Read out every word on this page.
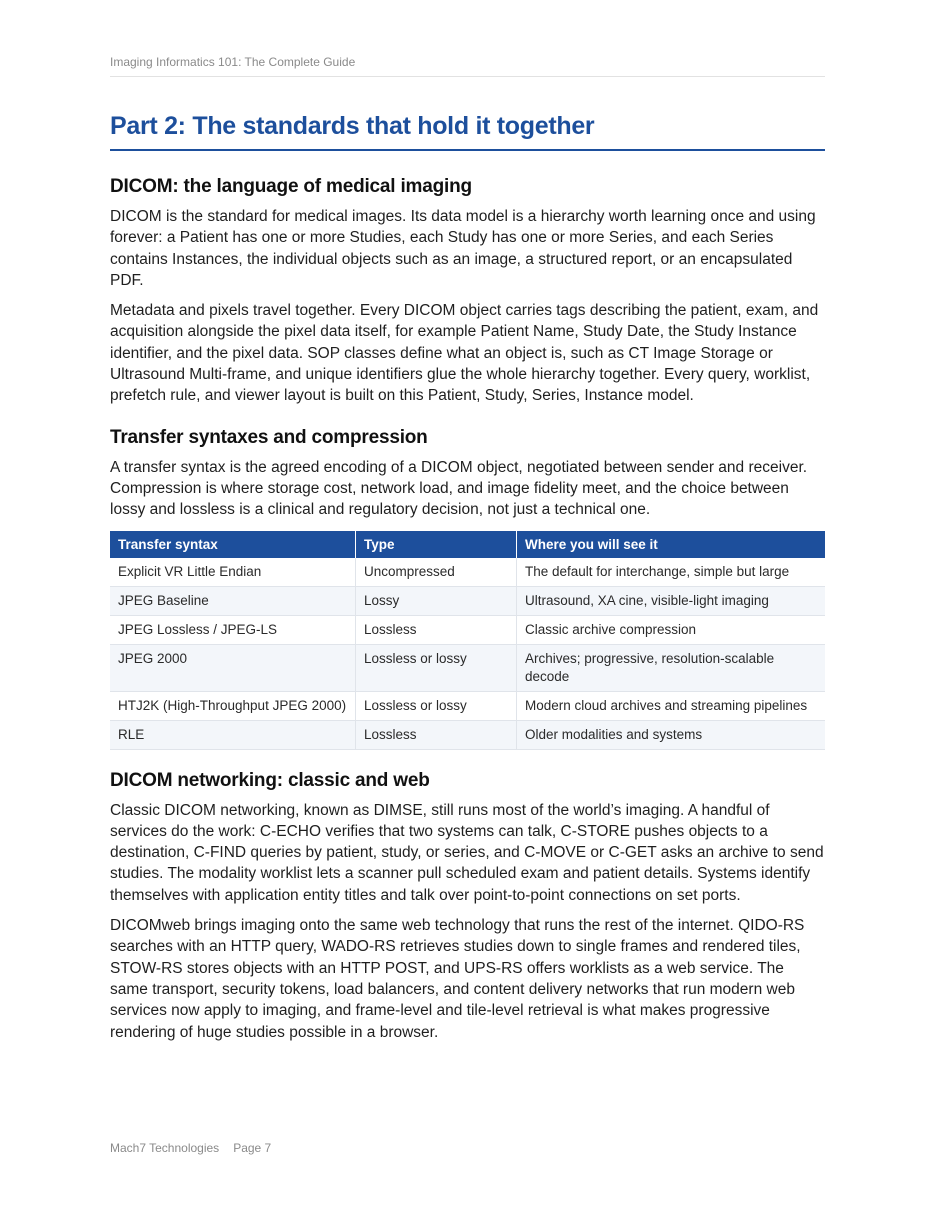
Imaging Informatics 101: The Complete Guide
Part 2: The standards that hold it together
DICOM: the language of medical imaging

DICOM is the standard for medical images. Its data model is a hierarchy worth learning once and using forever: a Patient has one or more Studies, each Study has one or more Series, and each Series contains Instances, the individual objects such as an image, a structured report, or an encapsulated PDF.

Metadata and pixels travel together. Every DICOM object carries tags describing the patient, exam, and acquisition alongside the pixel data itself, for example Patient Name, Study Date, the Study Instance identifier, and the pixel data. SOP classes define what an object is, such as CT Image Storage or Ultrasound Multi-frame, and unique identifiers glue the whole hierarchy together. Every query, worklist, prefetch rule, and viewer layout is built on this Patient, Study, Series, Instance model.

Transfer syntaxes and compression

A transfer syntax is the agreed encoding of a DICOM object, negotiated between sender and receiver. Compression is where storage cost, network load, and image fidelity meet, and the choice between lossy and lossless is a clinical and regulatory decision, not just a technical one.

Transfer syntax	Type	Where you will see it
Explicit VR Little Endian	Uncompressed	The default for interchange, simple but large
JPEG Baseline	Lossy	Ultrasound, XA cine, visible-light imaging
JPEG Lossless / JPEG-LS	Lossless	Classic archive compression
JPEG 2000	Lossless or lossy	Archives; progressive, resolution-scalable decode
HTJ2K (High-Throughput JPEG 2000)	Lossless or lossy	Modern cloud archives and streaming pipelines
RLE	Lossless	Older modalities and systems
DICOM networking: classic and web

Classic DICOM networking, known as DIMSE, still runs most of the world’s imaging. A handful of services do the work: C-ECHO verifies that two systems can talk, C-STORE pushes objects to a destination, C-FIND queries by patient, study, or series, and C-MOVE or C-GET asks an archive to send studies. The modality worklist lets a scanner pull scheduled exam and patient details. Systems identify themselves with application entity titles and talk over point-to-point connections on set ports.

DICOMweb brings imaging onto the same web technology that runs the rest of the internet. QIDO-RS searches with an HTTP query, WADO-RS retrieves studies down to single frames and rendered tiles, STOW-RS stores objects with an HTTP POST, and UPS-RS offers worklists as a web service. The same transport, security tokens, load balancers, and content delivery networks that run modern web services now apply to imaging, and frame-level and tile-level retrieval is what makes progressive rendering of huge studies possible in a browser.

Mach7 Technologies Page 7
